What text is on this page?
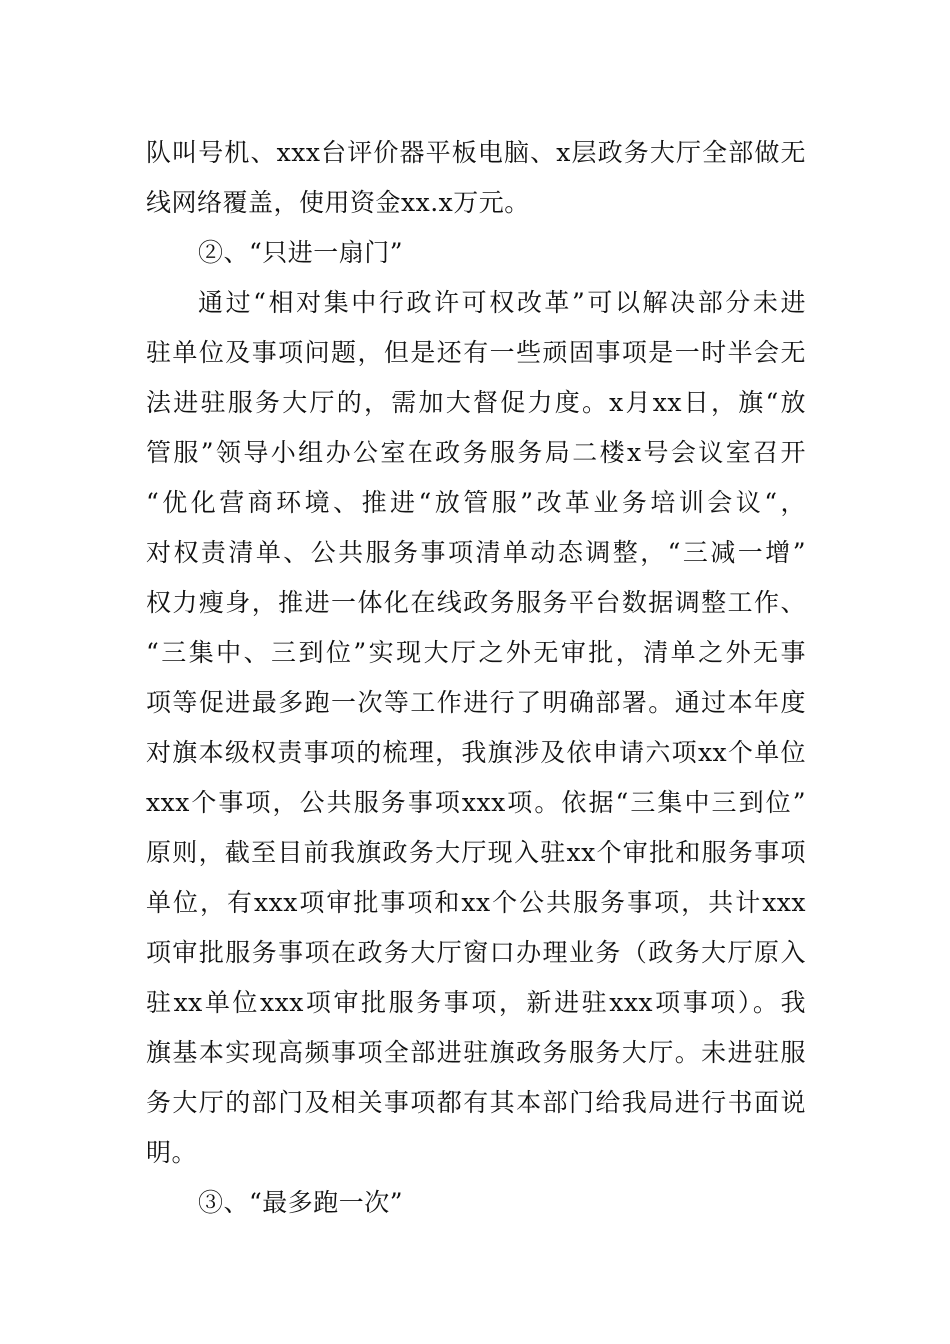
队叫号机、xxx台评价器平板电脑、x层政务大厅全部做无
线网络覆盖，使用资金xx.x万元。
②、“只进一扇门”
通过“相对集中行政许可权改革”可以解决部分未进
驻单位及事项问题，但是还有一些顽固事项是一时半会无
法进驻服务大厅的，需加大督促力度。x月xx日，旗“放
管服”领导小组办公室在政务服务局二楼x号会议室召开
“优化营商环境、推进“放管服”改革业务培训会议“，
对权责清单、公共服务事项清单动态调整，“三减一增”
权力瘦身，推进一体化在线政务服务平台数据调整工作、
“三集中、三到位”实现大厅之外无审批，清单之外无事
项等促进最多跑一次等工作进行了明确部署。通过本年度
对旗本级权责事项的梳理，我旗涉及依申请六项xx个单位
xxx个事项，公共服务事项xxx项。依据“三集中三到位”
原则，截至目前我旗政务大厅现入驻xx个审批和服务事项
单位，有xxx项审批事项和xx个公共服务事项，共计xxx
项审批服务事项在政务大厅窗口办理业务（政务大厅原入
驻xx单位xxx项审批服务事项，新进驻xxx项事项）。我
旗基本实现高频事项全部进驻旗政务服务大厅。未进驻服
务大厅的部门及相关事项都有其本部门给我局进行书面说
明。
③、“最多跑一次”
